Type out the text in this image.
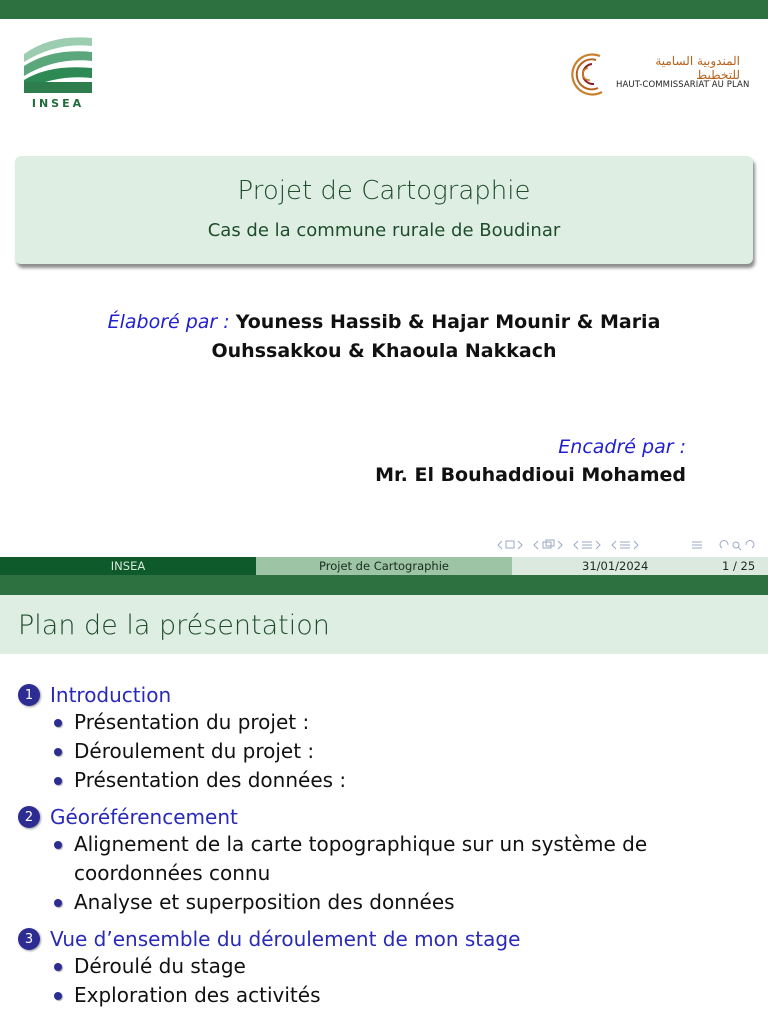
INSEA
المندوبية السامية للتخطيط
HAUT-COMMISSARIAT AU PLAN
Projet de Cartographie
Cas de la commune rurale de Boudinar
Élaboré par : Youness Hassib & Hajar Mounir & Maria Ouhssakkou & Khaoula Nakkach
Encadré par :
Mr. El Bouhaddioui Mohamed
INSEA	Projet de Cartographie	31/01/2024	1 / 25
Plan de la présentation
1 Introduction
Présentation du projet :
Déroulement du projet :
Présentation des données :
2 Géoréférencement
Alignement de la carte topographique sur un système de coordonnées connu
Analyse et superposition des données
3 Vue d’ensemble du déroulement de mon stage
Déroulé du stage
Exploration des activités
